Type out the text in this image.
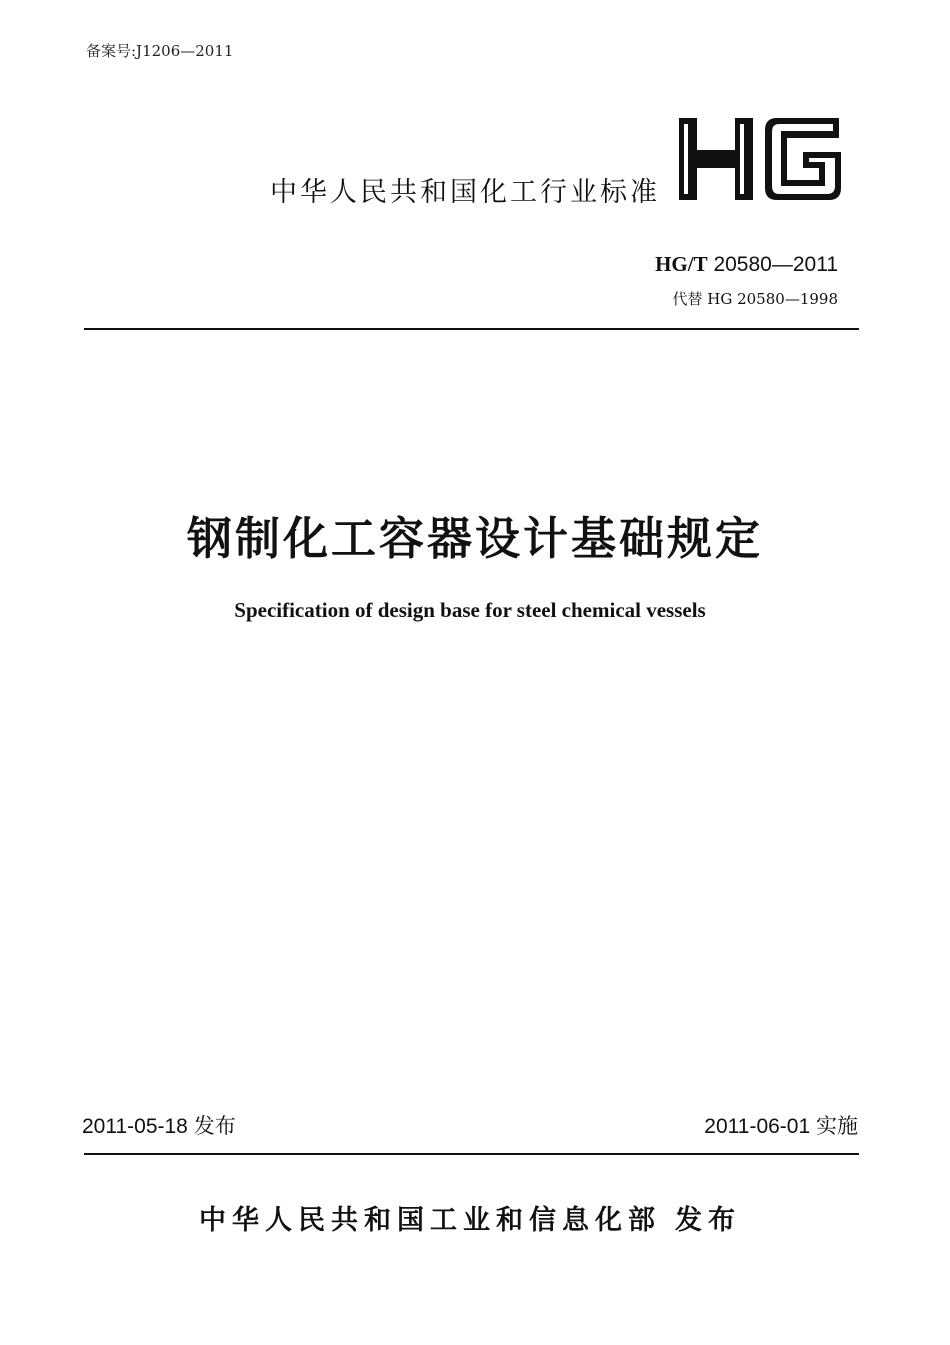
备案号:J1206—2011
中华人民共和国化工行业标准
HG/T 20580—2011
代替 HG 20580—1998
钢制化工容器设计基础规定
Specification of design base for steel chemical vessels
2011-05-18 发布	2011-06-01 实施
中华人民共和国工业和信息化部 发布
